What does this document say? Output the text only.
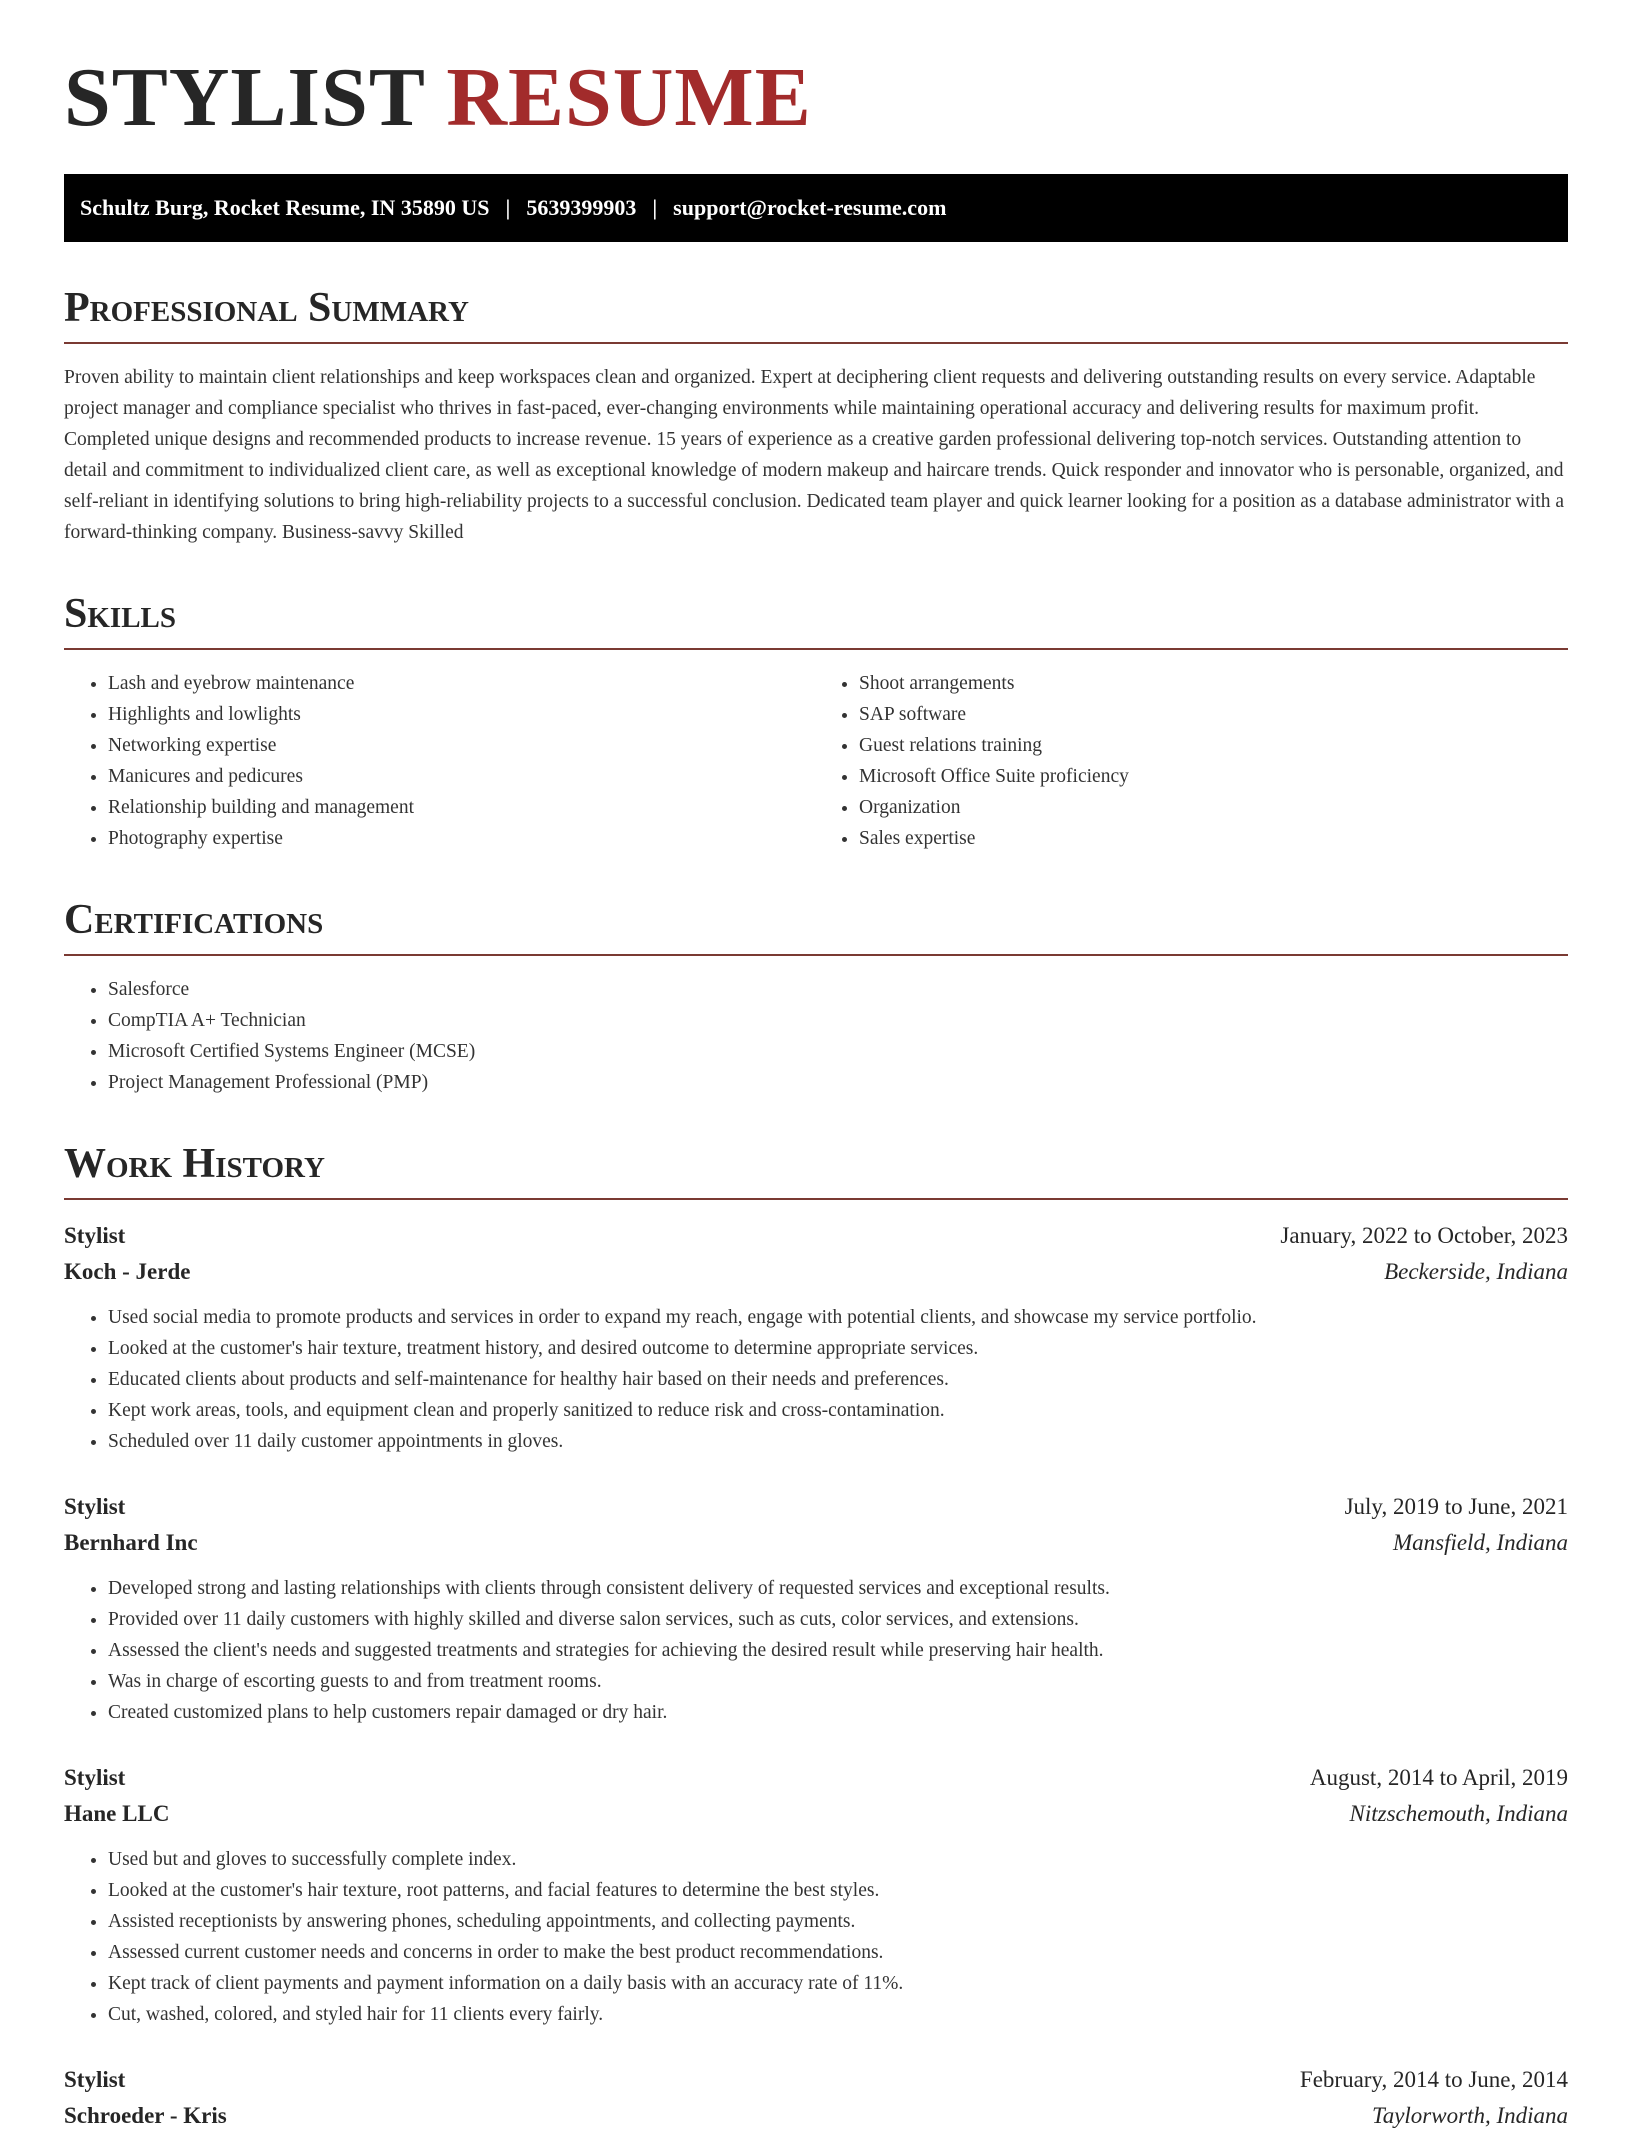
STYLIST RESUME
Schultz Burg, Rocket Resume, IN 35890 US | 5639399903 | support@rocket-resume.com
Professional Summary

Proven ability to maintain client relationships and keep workspaces clean and organized. Expert at deciphering client requests and delivering outstanding results on every service. Adaptable project manager and compliance specialist who thrives in fast-paced, ever-changing environments while maintaining operational accuracy and delivering results for maximum profit. Completed unique designs and recommended products to increase revenue. 15 years of experience as a creative garden professional delivering top-notch services. Outstanding attention to detail and commitment to individualized client care, as well as exceptional knowledge of modern makeup and haircare trends. Quick responder and innovator who is personable, organized, and self-reliant in identifying solutions to bring high-reliability projects to a successful conclusion. Dedicated team player and quick learner looking for a position as a database administrator with a forward-thinking company. Business-savvy Skilled

Skills
• Lash and eyebrow maintenance
• Highlights and lowlights
• Networking expertise
• Manicures and pedicures
• Relationship building and management
• Photography expertise
• Shoot arrangements
• SAP software
• Guest relations training
• Microsoft Office Suite proficiency
• Organization
• Sales expertise
Certifications
• Salesforce
• CompTIA A+ Technician
• Microsoft Certified Systems Engineer (MCSE)
• Project Management Professional (PMP)
Work History
Stylist	January, 2022 to October, 2023
Koch - Jerde	Beckerside, Indiana
• Used social media to promote products and services in order to expand my reach, engage with potential clients, and showcase my service portfolio.
• Looked at the customer's hair texture, treatment history, and desired outcome to determine appropriate services.
• Educated clients about products and self-maintenance for healthy hair based on their needs and preferences.
• Kept work areas, tools, and equipment clean and properly sanitized to reduce risk and cross-contamination.
• Scheduled over 11 daily customer appointments in gloves.
Stylist	July, 2019 to June, 2021
Bernhard Inc	Mansfield, Indiana
• Developed strong and lasting relationships with clients through consistent delivery of requested services and exceptional results.
• Provided over 11 daily customers with highly skilled and diverse salon services, such as cuts, color services, and extensions.
• Assessed the client's needs and suggested treatments and strategies for achieving the desired result while preserving hair health.
• Was in charge of escorting guests to and from treatment rooms.
• Created customized plans to help customers repair damaged or dry hair.
Stylist	August, 2014 to April, 2019
Hane LLC	Nitzschemouth, Indiana
• Used but and gloves to successfully complete index.
• Looked at the customer's hair texture, root patterns, and facial features to determine the best styles.
• Assisted receptionists by answering phones, scheduling appointments, and collecting payments.
• Assessed current customer needs and concerns in order to make the best product recommendations.
• Kept track of client payments and payment information on a daily basis with an accuracy rate of 11%.
• Cut, washed, colored, and styled hair for 11 clients every fairly.
Stylist	February, 2014 to June, 2014
Schroeder - Kris	Taylorworth, Indiana
